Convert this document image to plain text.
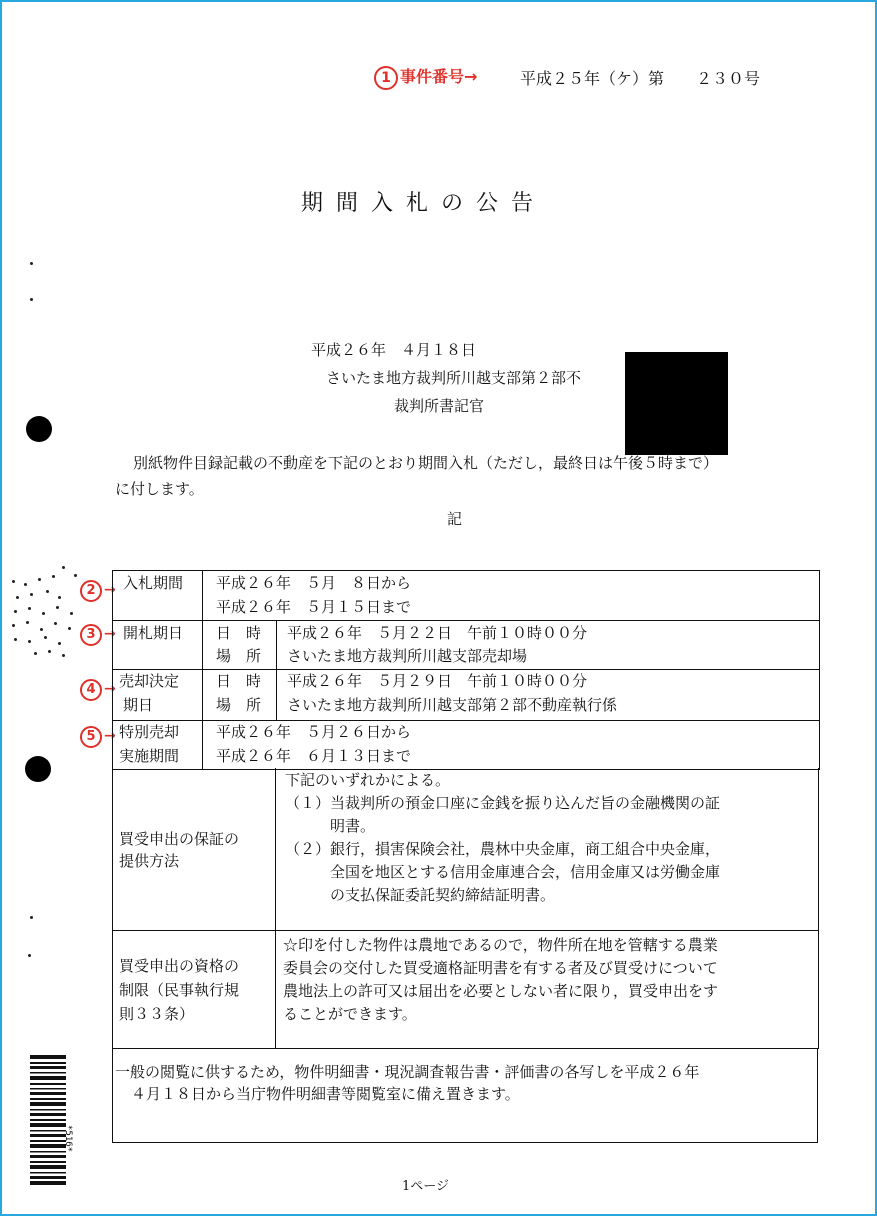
1 事件番号→	平成２５年（ケ）第　　２３０号
期間入札の公告
平成２６年　４月１８日
さいたま地方裁判所川越支部第２部不
裁判所書記官
別紙物件目録記載の不動産を下記のとおり期間入札（ただし，最終日は午後５時まで）
に付します。
記
2 →
3 →
4 →
5 →
入札期間 平成２６年　５月　８日から
平成２６年　５月１５日まで
開札期日 日　時 平成２６年　５月２２日　午前１０時００分
場　所 さいたま地方裁判所川越支部売却場
売却決定
期日
日　時 平成２６年　５月２９日　午前１０時００分
場　所 さいたま地方裁判所川越支部第２部不動産執行係
特別売却
実施期間
平成２６年　５月２６日から
平成２６年　６月１３日まで
買受申出の保証の
提供方法
下記のいずれかによる。
（１）当裁判所の預金口座に金銭を振り込んだ旨の金融機関の証
　　　明書。
（２）銀行，損害保険会社，農林中央金庫，商工組合中央金庫，
　　　全国を地区とする信用金庫連合会，信用金庫又は労働金庫
　　　の支払保証委託契約締結証明書。
買受申出の資格の
制限（民事執行規
則３３条）
☆印を付した物件は農地であるので，物件所在地を管轄する農業
委員会の交付した買受適格証明書を有する者及び買受けについて
農地法上の許可又は届出を必要としない者に限り，買受申出をす
ることができます。
一般の閲覧に供するため，物件明細書・現況調査報告書・評価書の各写しを平成２６年
４月１８日から当庁物件明細書等閲覧室に備え置きます。
*516*
1ページ
